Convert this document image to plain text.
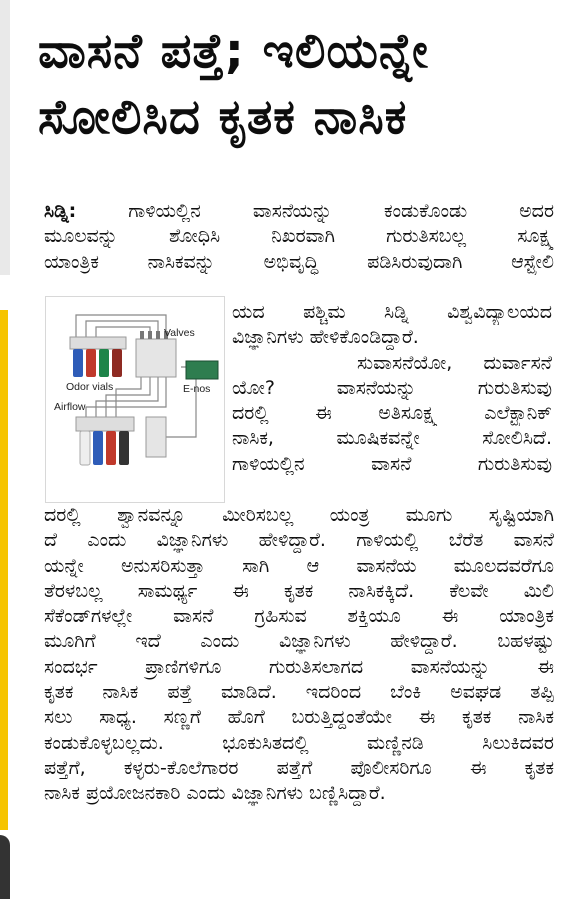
ವಾಸನೆ ಪತ್ತೆ; ಇಲಿಯನ್ನೇ
ಸೋಲಿಸಿದ ಕೃತಕ ನಾಸಿಕ
ಸಿಡ್ನಿ: ಗಾಳಿಯಲ್ಲಿನ ವಾಸನೆಯನ್ನು ಕಂಡುಕೊಂಡು ಅದರ
ಮೂಲವನ್ನು ಶೋಧಿಸಿ ನಿಖರವಾಗಿ ಗುರುತಿಸಬಲ್ಲ ಸೂಕ್ಷ್ಮ
ಯಾಂತ್ರಿಕ ನಾಸಿಕವನ್ನು ಅಭಿವೃದ್ಧಿ ಪಡಿಸಿರುವುದಾಗಿ ಆಸ್ಟ್ರೇಲಿ
Valves
Odor vials	E-nos
Airflow
ಯದ ಪಶ್ಚಿಮ ಸಿಡ್ನಿ ವಿಶ್ವವಿದ್ಯಾಲಯದ
ವಿಜ್ಞಾನಿಗಳು ಹೇಳಿಕೊಂಡಿದ್ದಾರೆ.
ಸುವಾಸನೆಯೋ, ದುರ್ವಾಸನೆ
ಯೋ? ವಾಸನೆಯನ್ನು ಗುರುತಿಸುವು
ದರಲ್ಲಿ ಈ ಅತಿಸೂಕ್ಷ್ಮ ಎಲೆಕ್ಟ್ರಾನಿಕ್
ನಾಸಿಕ, ಮೂಷಿಕವನ್ನೇ ಸೋಲಿಸಿದೆ.
ಗಾಳಿಯಲ್ಲಿನ ವಾಸನೆ ಗುರುತಿಸುವು
ದರಲ್ಲಿ ಶ್ವಾನವನ್ನೂ ಮೀರಿಸಬಲ್ಲ ಯಂತ್ರ ಮೂಗು ಸೃಷ್ಟಿಯಾಗಿ
ದೆ ಎಂದು ವಿಜ್ಞಾನಿಗಳು ಹೇಳಿದ್ದಾರೆ. ಗಾಳಿಯಲ್ಲಿ ಬೆರೆತ ವಾಸನೆ
ಯನ್ನೇ ಅನುಸರಿಸುತ್ತಾ ಸಾಗಿ ಆ ವಾಸನೆಯ ಮೂಲದವರೆಗೂ
ತೆರಳಬಲ್ಲ ಸಾಮರ್ಥ್ಯ ಈ ಕೃತಕ ನಾಸಿಕಕ್ಕಿದೆ. ಕೆಲವೇ ಮಿಲಿ
ಸೆಕೆಂಡ್‌ಗಳಲ್ಲೇ ವಾಸನೆ ಗ್ರಹಿಸುವ ಶಕ್ತಿಯೂ ಈ ಯಾಂತ್ರಿಕ
ಮೂಗಿಗೆ ಇದೆ ಎಂದು ವಿಜ್ಞಾನಿಗಳು ಹೇಳಿದ್ದಾರೆ. ಬಹಳಷ್ಟು
ಸಂದರ್ಭ ಪ್ರಾಣಿಗಳಿಗೂ ಗುರುತಿಸಲಾಗದ ವಾಸನೆಯನ್ನು ಈ
ಕೃತಕ ನಾಸಿಕ ಪತ್ತೆ ಮಾಡಿದೆ. ಇದರಿಂದ ಬೆಂಕಿ ಅವಘಡ ತಪ್ಪಿ
ಸಲು ಸಾಧ್ಯ. ಸಣ್ಣಗೆ ಹೊಗೆ ಬರುತ್ತಿದ್ದಂತೆಯೇ ಈ ಕೃತಕ ನಾಸಿಕ
ಕಂಡುಕೊಳ್ಳಬಲ್ಲದು. ಭೂಕುಸಿತದಲ್ಲಿ ಮಣ್ಣಿನಡಿ ಸಿಲುಕಿದವರ
ಪತ್ತೆಗೆ, ಕಳ್ಳರು-ಕೊಲೆಗಾರರ ಪತ್ತೆಗೆ ಪೊಲೀಸರಿಗೂ ಈ ಕೃತಕ
ನಾಸಿಕ ಪ್ರಯೋಜನಕಾರಿ ಎಂದು ವಿಜ್ಞಾನಿಗಳು ಬಣ್ಣಿಸಿದ್ದಾರೆ.
